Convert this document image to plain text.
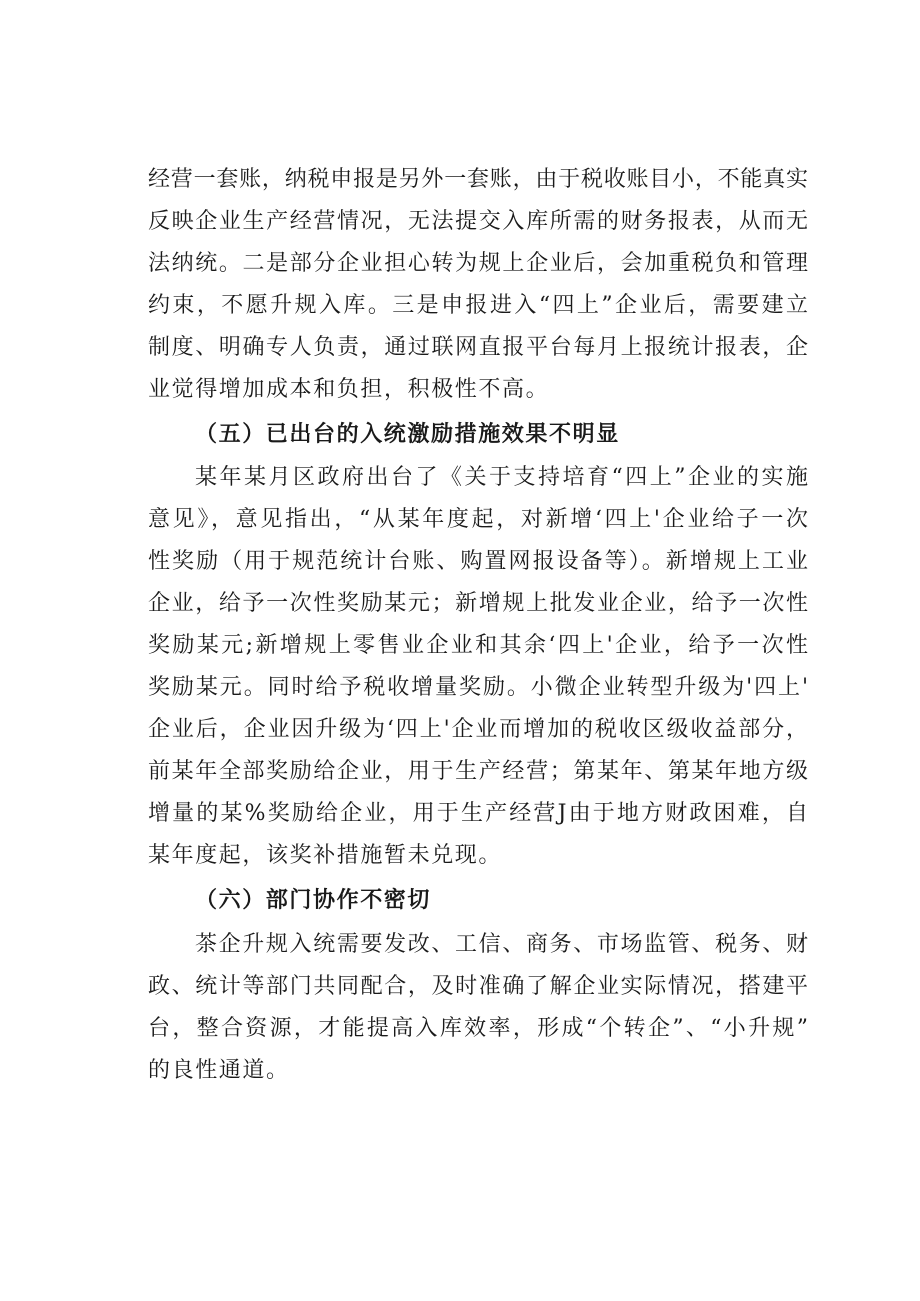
经营一套账，纳税申报是另外一套账，由于税收账目小，不能真实
反映企业生产经营情况，无法提交入库所需的财务报表，从而无
法纳统。二是部分企业担心转为规上企业后，会加重税负和管理
约束，不愿升规入库。三是申报进入“四上”企业后，需要建立
制度、明确专人负责，通过联网直报平台每月上报统计报表，企
业觉得增加成本和负担，积极性不高。
（五）已出台的入统激励措施效果不明显
某年某月区政府出台了《关于支持培育“四上”企业的实施
意见》，意见指出，“从某年度起，对新增‘四上'企业给子一次
性奖励（用于规范统计台账、购置网报设备等）。新增规上工业
企业，给予一次性奖励某元；新增规上批发业企业，给予一次性
奖励某元;新增规上零售业企业和其余‘四上'企业，给予一次性
奖励某元。同时给予税收增量奖励。小微企业转型升级为'四上'
企业后，企业因升级为‘四上'企业而增加的税收区级收益部分，
前某年全部奖励给企业，用于生产经营；第某年、第某年地方级
增量的某%奖励给企业，用于生产经营J由于地方财政困难，自
某年度起，该奖补措施暂未兑现。
（六）部门协作不密切
茶企升规入统需要发改、工信、商务、市场监管、税务、财
政、统计等部门共同配合，及时准确了解企业实际情况，搭建平
台，整合资源，才能提高入库效率，形成“个转企”、“小升规”
的良性通道。
